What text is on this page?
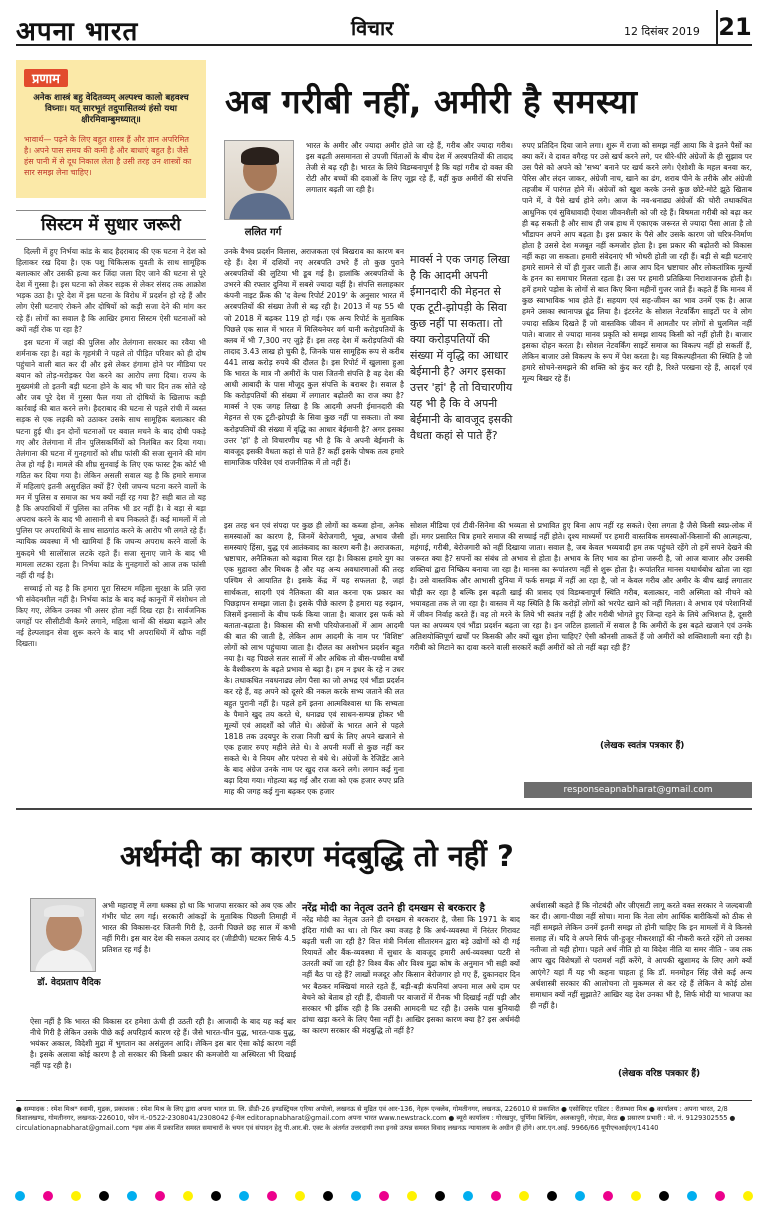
अपना भारत	विचार	12 दिसंबर 2019 21
प्रणाम
अनेक शास्त्रं बहु वेदितव्यम् अल्पश्च कालो बहवश्च विघ्नाः। यत् सारभूतं तदुपासितव्यं हंसो यथा क्षीरमिवाम्बुमध्यात्॥
भावार्थ— पढ़ने के लिए बहुत शास्त्र हैं और ज्ञान अपरिमित है। अपने पास समय की कमी है और बाधाएं बहुत है। जैसे हंस पानी में से दूध निकाल लेता है उसी तरह उन शास्त्रों का सार समझ लेना चाहिए।
सिस्टम में सुधार जरूरी

दिल्ली में हुए निर्भया कांड के बाद हैदराबाद की एक घटना ने देश को हिलाकर रख दिया है। एक पशु चिकित्सक युवती के साथ सामूहिक बलात्कार और उसकी हत्या कर जिंदा जला दिए जाने की घटना से पूरे देश में गुस्सा है। इस घटना को लेकर सड़क से लेकर संसद तक आक्रोश भड़क उठा है। पूरे देश में इस घटना के विरोध में प्रदर्शन हो रहे हैं और लोग ऐसी घटनाएं रोकने और दोषियों को कड़ी सजा देने की मांग कर रहे हैं। लोगों का सवाल है कि आखिर हमारा सिस्टम ऐसी घटनाओं को क्यों नहीं रोक पा रहा है?

इस घटना में जहां की पुलिस और तेलंगाना सरकार का रवैया भी शर्मनाक रहा है। वहां के गृहमंत्री ने पहले तो पीड़ित परिवार को ही दोष पहुंचाने वाली बात कर दी और इसे लेकर हंगामा होने पर मीडिया पर बयान को तोड़-मरोड़कर पेश करने का आरोप लगा दिया। राज्य के मुख्यमंत्री तो इतनी बड़ी घटना होने के बाद भी चार दिन तक सोते रहे और जब पूरे देश में गुस्सा फैल गया तो दोषियों के खिलाफ कड़ी कार्रवाई की बात करने लगे। हैदराबाद की घटना से पहले रांची में व्यस्त सड़क से एक लड़की को उठाकर उसके साथ सामूहिक बलात्कार की घटना हुई थी। इन दोनों घटनाओं पर बवाल मचने के बाद दोषी पकड़े गए और तेलंगाना में तीन पुलिसकर्मियों को निलंबित कर दिया गया। तेलंगाना की घटना में गुनहगारों को शीघ्र फांसी की सजा सुनाने की मांग तेज हो गई है। मामले की शीघ्र सुनवाई के लिए एक फास्ट ट्रैक कोर्ट भी गठित कर दिया गया है। लेकिन असली सवाल यह है कि हमारे समाज में महिलाएं इतनी असुरक्षित क्यों हैं? ऐसी जघन्य घटना करने वालों के मन में पुलिस व समाज का भय क्यों नहीं रह गया है? सही बात तो यह है कि अपराधियों में पुलिस का तनिक भी डर नहीं है। वे बड़ा से बड़ा अपराध करने के बाद भी आसानी से बच निकलते हैं। कई मामलों में तो पुलिस पर अपराधियों के साथ साठगांठ करने के आरोप भी लगते रहे हैं। न्यायिक व्यवस्था में भी खामियां हैं कि जघन्य अपराध करने वालों के मुकदमे भी सालोंसाल लटके रहते हैं। सजा सुनाए जाने के बाद भी मामला लटका रहता है। निर्भया कांड के गुनहगारों को आज तक फांसी नहीं दी गई है।

सच्चाई तो यह है कि हमारा पूरा सिस्टम महिला सुरक्षा के प्रति ज़रा भी संवेदनशील नहीं है। निर्भया कांड के बाद कई कानूनों में संशोधन तो किए गए, लेकिन उनका भी असर होता नहीं दिख रहा है। सार्वजनिक जगहों पर सीसीटीवी कैमरे लगाने, महिला थानों की संख्या बढ़ाने और नई हेल्पलाइन सेवा शुरू करने के बाद भी अपराधियों में खौफ नहीं दिखता।

अब गरीबी नहीं, अमीरी है समस्या
ललित गर्ग
भारत के अमीर और ज्यादा अमीर होते जा रहे हैं, गरीब और ज्यादा गरीब। इस बढ़ती असमानता से उपजी चिंताओं के बीच देश में अरबपतियों की तादाद तेजी से बढ़ रही है। भारत के लिये विडम्बनापूर्ण है कि यहां गरीब दो वक्त की रोटी और बच्चों की दवाओं के लिए जूझ रहे हैं, वहीं कुछ अमीरों की संपत्ति लगातार बढ़ती जा रही है।
उनके वैभव प्रदर्शन विलास, अराजकता एवं बिखराव का कारण बन रहे हैं। देश में दशियों नए अरबपति उभरे हैं तो कुछ पुराने अरबपतियों की लुटिया भी डूब गई है। हालांकि अरबपतियों के उभरने की रफ्तार दुनिया में सबसे ज्यादा यहीं है। संपत्ति सलाहकार कंपनी नाइट फ्रैंक की 'द वेल्थ रिपोर्ट 2019' के अनुसार भारत में अरबपतियों की संख्या तेजी से बढ़ रही है। 2013 में यह 55 थी जो 2018 में बढ़कर 119 हो गई। एक अन्य रिपोर्ट के मुताबिक पिछले एक साल में भारत में मिलियनेयर वर्ग यानी करोड़पतियों के क्लब में भी 7,300 नए जुड़े हैं। इस तरह देश में करोड़पतियों की तादाद 3.43 लाख हो चुकी है, जिनके पास सामूहिक रूप से करीब 441 लाख करोड़ रुपये की दौलत है। इस रिपोर्ट में खुलासा हुआ कि भारत के मात्र नौ अमीरों के पास जितनी संपत्ति है वह देश की आधी आबादी के पास मौजूद कुल संपत्ति के बराबर है। सवाल है कि करोड़पतियों की संख्या में लगातार बढ़ोतरी का राज क्या है? मार्क्स ने एक जगह लिखा है कि आदमी अपनी ईमानदारी की मेहनत से एक टूटी-झोपड़ी के सिवा कुछ नहीं पा सकता। तो क्या करोड़पतियों की संख्या में वृद्धि का आधार बेईमानी है? अगर इसका उत्तर 'हां' है तो विचारणीय यह भी है कि वे अपनी बेईमानी के बावजूद इसकी वैधता कहां से पाते हैं? कहीं इसके पोषक तत्व हमारे सामाजिक परिवेश एवं राजनीतिक में तो नहीं हैं।
मार्क्स ने एक जगह लिखा है कि आदमी अपनी ईमानदारी की मेहनत से एक टूटी-झोपड़ी के सिवा कुछ नहीं पा सकता। तो क्या करोड़पतियों की संख्या में वृद्धि का आधार बेईमानी है? अगर इसका उत्तर 'हां' है तो विचारणीय यह भी है कि वे अपनी बेईमानी के बावजूद इसकी वैधता कहां से पाते हैं?
रुपए प्रतिदिन दिया जाने लगा। शुरू में राजा को समझ नहीं आया कि वे इतने पैसों का क्या करें। वे दावत वगैरह पर उसे खर्च करने लगे, पर धीरे-धीरे अंग्रेजों के ही सुझाव पर उस पैसे को अपने को 'सभ्य' बनाने पर खर्च करने लगे। ऐशोशी के महल बनवा कर, पेरिस और लंदन जाकर, अंग्रेजी नाच, खाने का ढंग, शराब पीने के तरीके और अंग्रेजी तहजीब में पारंगत होने में। अंग्रेजों को खुश करके उनसे कुछ छोटे-मोटे झूठे खिताब पाने में, वे पैसे खर्च होने लगे। आज के नव-धनाढ्य अंग्रेजों की चोरी तथाकथित आधुनिक एवं सुविधावादी ऐयाश जीवनशैली को जी रहे हैं। विषमता गरीबी को बढ़ा कर ही बढ़ सकती है और साथ ही जब हाथ में एकाएक जरूरत से ज्यादा पैसा आता है तो भौंडापन अपने आप बढ़ता है। इस प्रकार के पैसे और उसके कारण जो चरित्र-निर्माण होता है उससे देश मजबूत नहीं कमजोर होता है। इस प्रकार की बढ़ोतरी को विकास नहीं कहा जा सकता। हमारी संवेदनाएं भी भोथरी होती जा रही हैं। बड़ी से बड़ी घटनाएं हमारे सामने से यों ही गुजर जाती हैं। आज आप दिन भ्रष्टाचार और लोकतांत्रिक मूल्यों के हनन का समाचार मिलता रहता है। उस पर हमारी प्रतिक्रिया निराशाजनक होती है। हमें हमारे पड़ोस के लोगों से बात किए बिना महीनों गुजर जाते हैं। कहते हैं कि मानव में कुछ स्वाभाविक भाव होते हैं। सहयाग एवं सह-जीवन का भाव उनमें एक है। आज हमने उसका स्थानापन्न ढूंढ लिया है। इंटरनेट के सोशल नेटवर्किंग साइटों पर वे लोग ज्यादा सक्रिय दिखते हैं जो वास्तविक जीवन में आमतौर पर लोगों से घुलमिल नहीं पाते। बाजार से ज्यादा मानव प्रकृति को समझ शायद किसी को नहीं होती है। बाजार इसका दोहन करता है। सोशल नेटवर्किंग साइटें समाज का विकल्प नहीं हो सकतीं हैं, लेकिन बाजार उसे विकल्प के रूप में पेश करता है। यह विकल्पहीनता की स्थिति है जो हमारे सोचने-समझने की शक्ति को कुंद कर रही है, रिश्ते परखना रहे हैं, आदर्श एवं मूल्य बिखर रहे हैं।
इस तरह धन एवं संपदा पर कुछ ही लोगों का कब्जा होना, अनेक समस्याओं का कारण है, जिनमें बेरोजगारी, भूख, अभाव जैसी समस्याएं हिंसा, युद्ध एवं आतंकवाद का कारण बनी है। अराजकता, भ्रष्टाचार, अनैतिकता को बढ़ावा मिल रहा है। विकास हमारे युग का एक मुहावरा और मिथक है और यह अन्य अवधारणाओं की तरह पश्चिम से आयातित है। इसके केंद्र में यह सफलता है, जहां सार्थकता, सादगी एवं नैतिकता की बात करना एक प्रकार का पिछड़ापन समझा जाता है। इसके पीछे कारण है हमारा यह रुझान, जिसमें इनसानों के बीच फर्क किया जाता है। बाजार इस फर्क को बताता-बढ़ाता है। विकास की सभी परियोजनाओं में आम आदमी की बात की जाती है, लेकिन आम आदमी के नाम पर 'विशिष्ट' लोगों को लाभ पहुंचाया जाता है। दौलत का अशोभन प्रदर्शन बहुत नया है। यह पिछले सतर सालों में और अधिक तो बीस-पच्चीस वर्षों के वैश्वीकरण के बढ़ते प्रभाव से बढ़ा है। हम न इधर के रहे न उधर के। तथाकथित नवधनाढ्य लोग पैसा का जो अभद्र एवं भौंडा प्रदर्शन कर रहे हैं, वह अपने को दूसरे की नकल करके सभ्य जताने की लत बहुत पुरानी नहीं है। पहले हमें इतना आत्मविश्वास था कि सभ्यता के पैमाने खुद तय करते थे, धनाढ्य एवं साधन-सम्पन्न होकर भी मूल्यों एवं आदर्शों को जीते थे। अंग्रेजों के भारत आने से पहले 1818 तक उदयपुर के राजा निजी खर्च के लिए अपने खजाने से एक हजार रुपए महीने लेते थे। वे अपनी मर्जी से कुछ नहीं कर सकते थे। वे नियम और परंपरा से बंधे थे। अंग्रेजों के रेजिडेंट आने के बाद अंग्रेज उनके नाम पर खुद राज करने लगे। लगान कई गुना बढ़ा दिया गया। गोहत्या बढ़ गई और राजा को एक हजार रुपए प्रति माह की जगह कई गुना बढ़कर एक हजार
सोशल मीडिया एवं टीवी-सिनेमा की भव्यता से प्रभावित हुए बिना आप नहीं रह सकते। ऐसा लगता है जैसे किसी स्वप्न-लोक में हों। मगर प्रसारित चित्र हमारे समाज की सच्चाई नहीं होते। दृश्य माध्यमों पर हमारी वास्तविक समस्याओं-किसानों की आत्महत्या, महंगाई, गरीबी, बेरोजगारी को नहीं दिखाया जाता। सवाल है, जब केवल भव्यवादी हम तक पहुंचते रहेंगे तो हमें सपने देखने की जरूरत क्या है? सपनों का संबंध तो अभाव से होता है। अभाव के लिए भाव का होना जरूरी है, जो आज बाजार और उसकी शक्तियां द्वारा निष्क्रिय बनाया जा रहा है। मानस का रूपांतरण नहीं से शुरू होता है। रूपांतरित मानस यथार्थबोध खोता जा रहा है। उसे वास्तविक और आभासी दुनिया में फर्क समझ में नहीं आ रहा है, जो न केवल गरीब और अमीर के बीच खाई लगातार चौड़ी कर रहा है बल्कि इस बढ़ती खाई की त्रासद एवं विडम्बनापूर्ण स्थिति गरीब, बलात्कार, नारी अस्मिता को नीचने को भयावहता तक ले जा रहा है। वास्तव में यह स्थिति है कि करोड़ों लोगों को भरपेट खाने को नहीं मिलता। वे अभाव एवं परेशानियों में जीवन निर्वाह करते हैं। वह तो मरने के लिये भी स्वतंत्र नहीं है और गरीबी भोगते हुए जिन्दा रहने के लिये अभिशप्त है, दूसरी पल का अपव्यय एवं भौंडा प्रदर्शन बढ़ता जा रहा है। इन जटिल हालातों में सवाल है कि अमीरों के इस बढ़ते खजाने एवं उनके अतिशयोक्तिपूर्ण खर्चों पर किसकी और क्यों खुश होना चाहिए? ऐसी कौनसी ताकतें हैं जो अमीरों को शक्तिशाली बना रही है। गरीबी को मिटाने का दावा करने वाली सरकारें कहीं अमीरों को तो नहीं बढ़ा रही हैं?
(लेखक स्वतंत्र पत्रकार हैं)
responseapnabharat@gmail.com
अर्थमंदी का कारण मंदबुद्धि तो नहीं ?
डॉ. वेदप्रताप वैदिक
अभी महाराष्ट्र में लगा धक्का हो था कि भाजपा सरकार को अब एक और गंभीर चोट लग गई। सरकारी आंकड़ों के मुताबिक पिछली तिमाही में भारत की विकास-दर जितनी गिरी है, उतनी पिछले छह साल में कभी नहीं गिरी। इस बार देश की सकल उत्पाद दर (जीडीपी) घटकर सिर्फ 4.5 प्रतिशत रह गई है।
ऐसा नहीं है कि भारत की विकास दर हमेशा ऊंची ही उठती रही है। आजादी के बाद यह कई बार नीचे गिरी है लेकिन उसके पीछे कई अपरिहार्य कारण रहे हैं। जैसे भारत-चीन युद्ध, भारत-पाक युद्ध, भयंकर अकाल, विदेशी मुद्रा में भुगतान का असंतुलन आदि। लेकिन इस बार ऐसा कोई कारण नहीं है। इसके अलावा कोई कारण है तो सरकार की किसी प्रकार की कमजोरी या अस्थिरता भी दिखाई नहीं पड़ रही है।
नरेंद्र मोदी का नेतृत्व उतने ही दमखम से बरकरार है
नरेंद्र मोदी का नेतृत्व उतने ही दमखम से बरकरार है, जैसा कि 1971 के बाद इंदिरा गांधी का था। तो फिर क्या वजह है कि अर्थ-व्यवस्था में निरंतर गिरावट बढ़ती चली जा रही है? वित्त मंत्री निर्मला सीतारमन द्वारा बड़े उद्योगों को दी गई रियायतें और बैंक-व्यवस्था में सुधार के बावजूद हमारी अर्थ-व्यवस्था पटरी से उतरती क्यों जा रही है? विश्व बैंक और विश्व मुद्रा कोष के अनुमान भी सही क्यों नहीं बैठ पा रहे हैं? लाखों मजदूर और किसान बेरोजगार हो गए हैं, दुकानदार दिन भर बैठकर मक्खियां मारते रहते हैं, बड़ी-बड़ी कंपनियां अपना माल अधे दाम पर बेचने को बेताब हो रही हैं, दीवाली पर बाजारों में रौनक भी दिखाई नहीं पड़ी और सरकार भी झींक रही है कि उसकी आमदनी घट रही है। उसके पास बुनियादी ढांचा खड़ा करने के लिए पैसा नहीं है। आखिर इसका कारण क्या है? इस अर्थमंदी का कारण सरकार की मंदबुद्धि तो नहीं है?
अर्थशास्त्री कहते हैं कि नोटबंदी और जीएसटी लागू करते वक्त सरकार ने जल्दबाजी कर दी। आगा-पीछा नहीं सोचा। माना कि नेता लोग आर्थिक बारीकियों को ठीक से नहीं समझते लेकिन उनमें इतनी समझ तो होनी चाहिए कि इन मामलों में वे किनसे सलाह लें। यदि वे अपने सिर्फ जी-हुजूर नौकरशाहों की नौकरी करते रहेंगे तो उसका नतीजा तो यही होगा। पहले अर्थ नीति हो या विदेश नीति या समर नीति - जब तक आप खुद विशेषज्ञों से परामर्श नहीं करेंगे, वे आपकी खुशामद के लिए आगे क्यों आएंगे? यहां मैं यह भी कहना चाहता हूं कि डॉ. मनमोहन सिंह जैसे कई अन्य अर्थशास्त्री सरकार की आलोचना तो मुकम्मल से कर रहे हैं लेकिन वे कोई ठोस समाधान क्यों नहीं सुझाते? आखिर यह देश उनका भी है, सिर्फ मोदी या भाजपा का ही नहीं है।
(लेखक वरिष्ठ पत्रकार हैं)
● सम्पादक : रमेश मिश्र* स्वामी, मुद्रक, प्रकाशक : रमेश मिश्र के लिए द्वारा अपना भारत प्रा. लि. डीडी-26 इण्डस्ट्रियल एरिया अपोलो, लखनऊ से मुद्रित एवं आर-136, नेहरू एन्क्लेव, गोमतीनगर, लखनऊ, 226010 से प्रकाशित ● एसोसिएट एडिटर : रीतम्भरा मिश्र ● कार्यालय : अपना भारत, 2/8 विशालखण्ड, गोमतीनगर, लखनऊ-226010, फोन नं.-0522-2308041/2308042 ई-मेल editorapnabharat@gmail.com अपना भारत www.newstrack.com ● ब्यूरो कार्यालय : गोरखपुर, पूर्णिमा बिल्डिंग, अलकापुरी, नोएडा, मेरठ ● प्रसारण प्रभारी : मो. नं. 9129302555 ● circulationapnabharat@gmail.com *इस अंक में प्रकाशित समस्त समाचारों के चयन एवं संपादन हेतु पी.आर.बी. एक्ट के अंतर्गत उत्तरदायी तथा इनसे उत्पन्न समस्त विवाद लखनऊ न्यायालय के अधीन ही होंगे। आर.एन.आई. 9966/66 यूपीएचआईएन/14140
